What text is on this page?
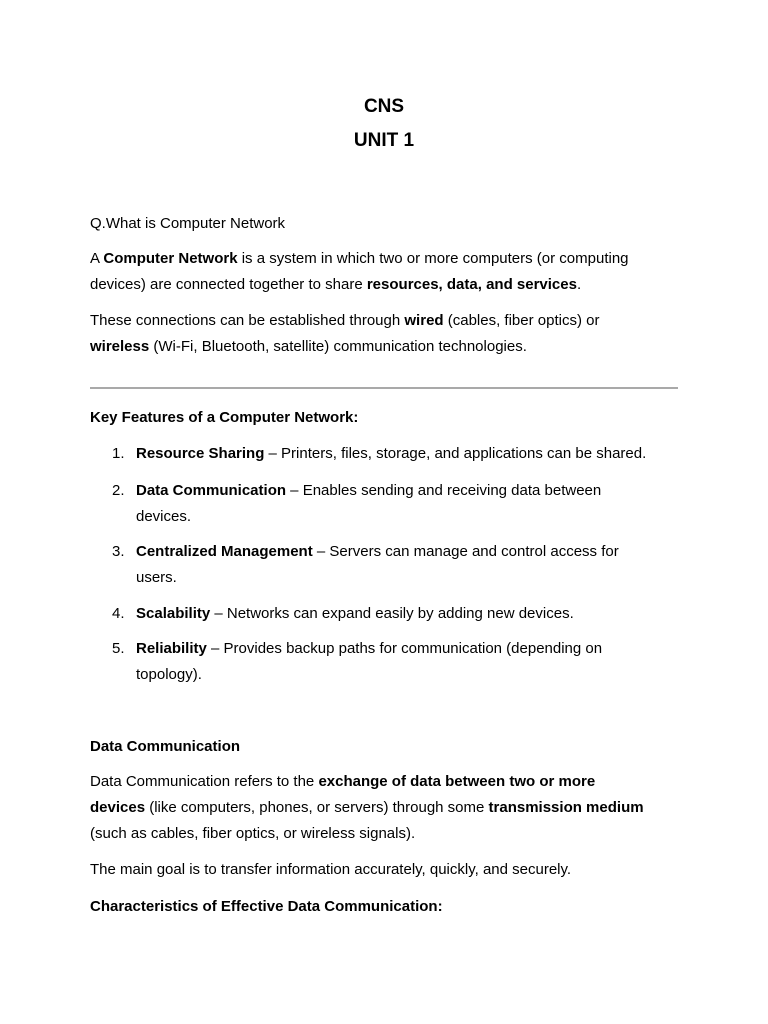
CNS
UNIT 1
Q.What is Computer Network
A Computer Network is a system in which two or more computers (or computing
devices) are connected together to share resources, data, and services.
These connections can be established through wired (cables, fiber optics) or
wireless (Wi-Fi, Bluetooth, satellite) communication technologies.
Key Features of a Computer Network:
1. Resource Sharing – Printers, files, storage, and applications can be shared.
2. Data Communication – Enables sending and receiving data between
devices.
3. Centralized Management – Servers can manage and control access for
users.
4. Scalability – Networks can expand easily by adding new devices.
5. Reliability – Provides backup paths for communication (depending on
topology).
Data Communication
Data Communication refers to the exchange of data between two or more
devices (like computers, phones, or servers) through some transmission medium
(such as cables, fiber optics, or wireless signals).
The main goal is to transfer information accurately, quickly, and securely.
Characteristics of Effective Data Communication:
